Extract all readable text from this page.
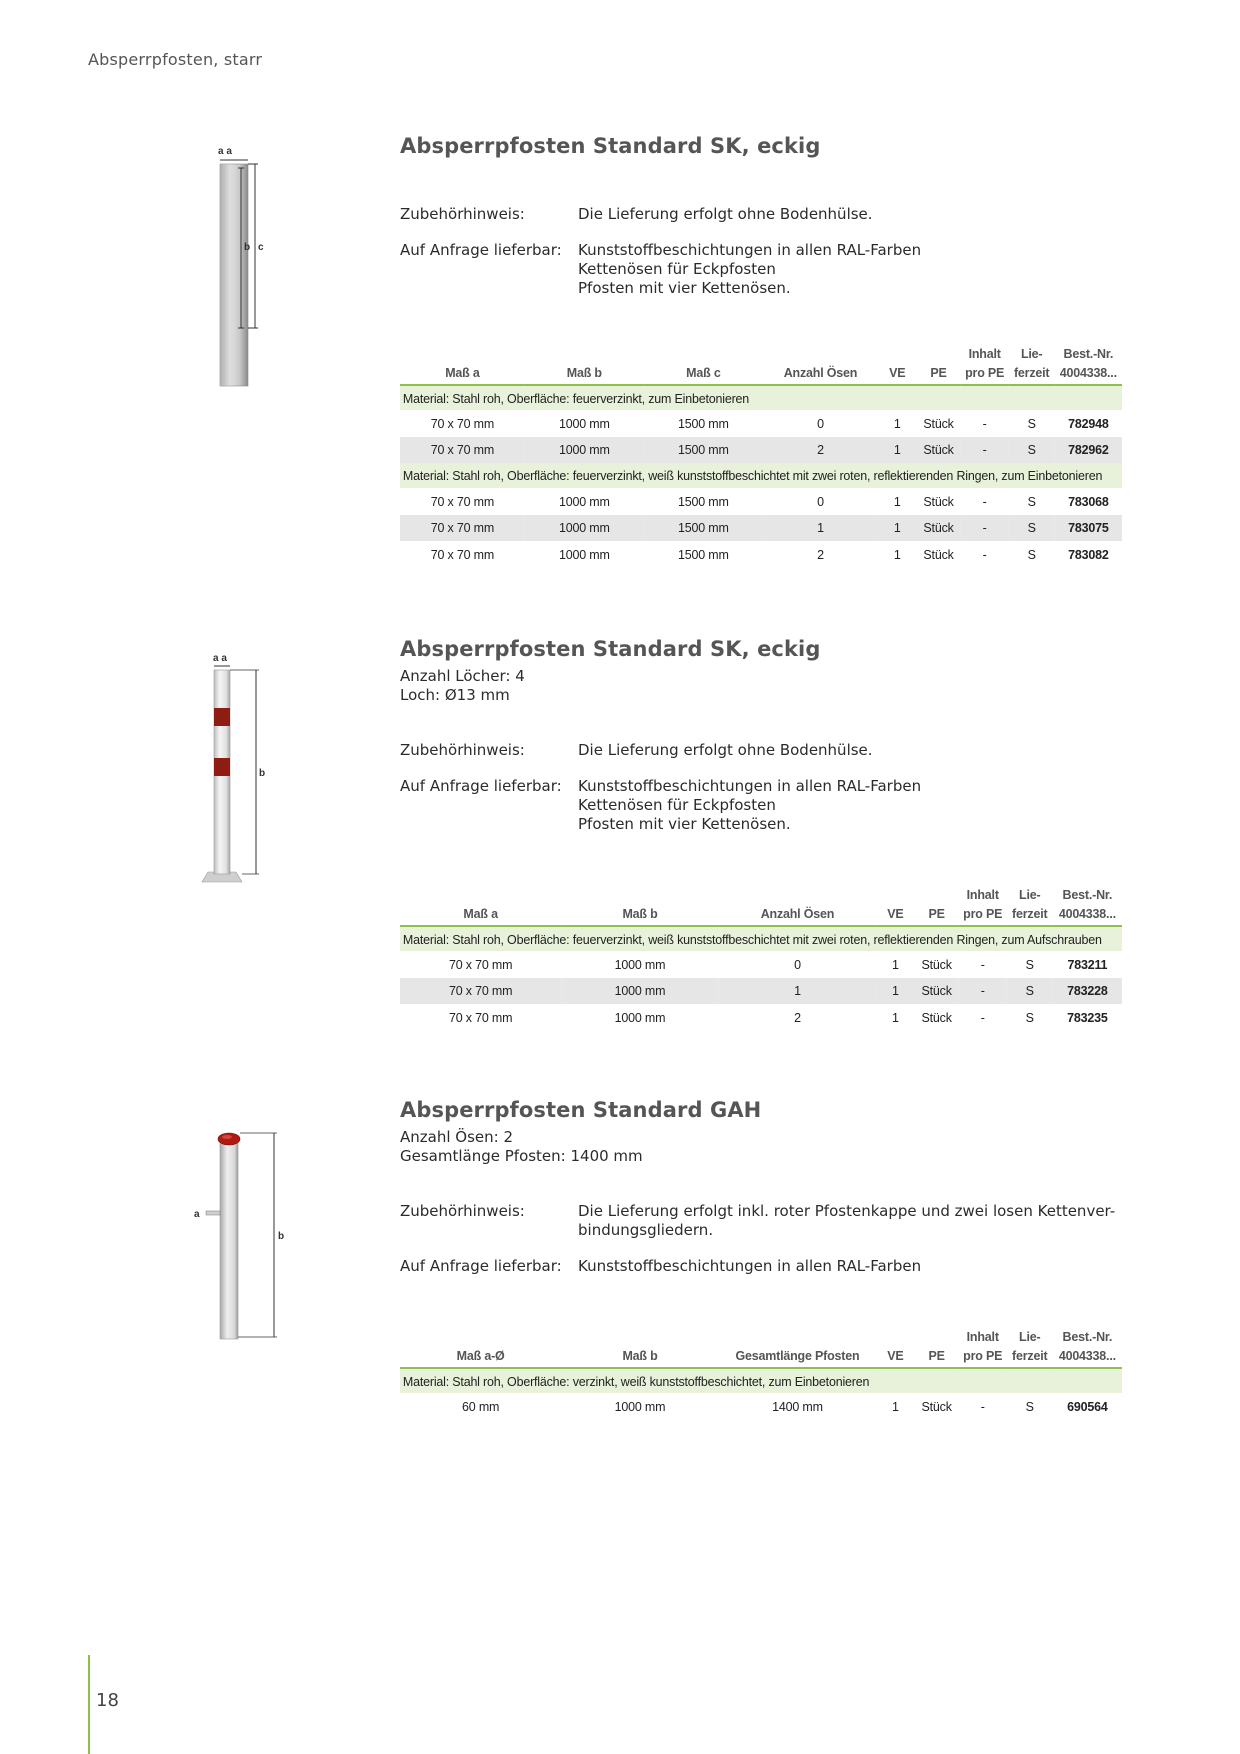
Absperrpfosten, starr
a a
b c
Absperrpfosten Standard SK, eckig
Zubehörhinweis:	Die Lieferung erfolgt ohne Bodenhülse.
Auf Anfrage lieferbar:	Kunststoffbeschichtungen in allen RAL-Farben
Kettenösen für Eckpfosten
Pfosten mit vier Kettenösen.
Maß a	Maß b	Maß c	Anzahl Ösen	VE	PE	Inhalt pro PE	Lie- ferzeit	Best.-Nr. 4004338...
Material: Stahl roh, Oberfläche: feuerverzinkt, zum Einbetonieren								
70 x 70 mm	1000 mm	1500 mm	0	1	Stück	-	S	782948
70 x 70 mm	1000 mm	1500 mm	2	1	Stück	-	S	782962
Material: Stahl roh, Oberfläche: feuerverzinkt, weiß kunststoffbeschichtet mit zwei roten, reflektierenden Ringen, zum Einbetonieren								
70 x 70 mm	1000 mm	1500 mm	0	1	Stück	-	S	783068
70 x 70 mm	1000 mm	1500 mm	1	1	Stück	-	S	783075
70 x 70 mm	1000 mm	1500 mm	2	1	Stück	-	S	783082
a a
b
Absperrpfosten Standard SK, eckig
Anzahl Löcher: 4
Loch: Ø13 mm
Zubehörhinweis:	Die Lieferung erfolgt ohne Bodenhülse.
Auf Anfrage lieferbar:	Kunststoffbeschichtungen in allen RAL-Farben
Kettenösen für Eckpfosten
Pfosten mit vier Kettenösen.
Maß a	Maß b	Anzahl Ösen	VE	PE	Inhalt pro PE	Lie- ferzeit	Best.-Nr. 4004338...
Material: Stahl roh, Oberfläche: feuerverzinkt, weiß kunststoffbeschichtet mit zwei roten, reflektierenden Ringen, zum Aufschrauben							
70 x 70 mm	1000 mm	0	1	Stück	-	S	783211
70 x 70 mm	1000 mm	1	1	Stück	-	S	783228
70 x 70 mm	1000 mm	2	1	Stück	-	S	783235
a
b
Absperrpfosten Standard GAH
Anzahl Ösen: 2
Gesamtlänge Pfosten: 1400 mm
Zubehörhinweis:	Die Lieferung erfolgt inkl. roter Pfostenkappe und zwei losen Kettenver-
bindungsgliedern.
Auf Anfrage lieferbar:	Kunststoffbeschichtungen in allen RAL-Farben
Maß a-Ø	Maß b	Gesamtlänge Pfosten	VE	PE	Inhalt pro PE	Lie- ferzeit	Best.-Nr. 4004338...
Material: Stahl roh, Oberfläche: verzinkt, weiß kunststoffbeschichtet, zum Einbetonieren							
60 mm	1000 mm	1400 mm	1	Stück	-	S	690564
18
